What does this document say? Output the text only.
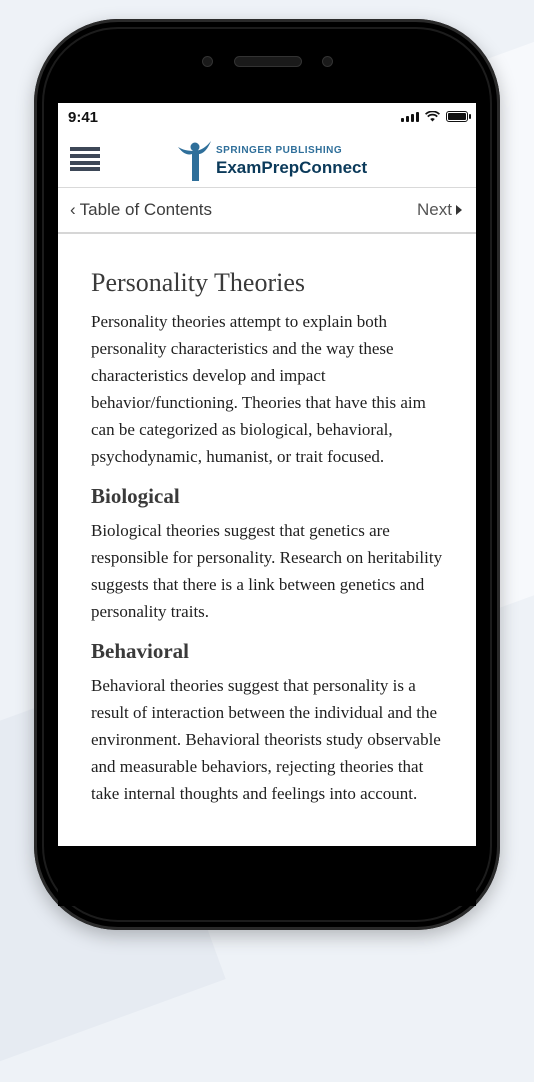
9:41
SPRINGER PUBLISHING
ExamPrepConnect
‹ Table of Contents	Next
Personality Theories

Personality theories attempt to explain both personality characteristics and the way these characteristics develop and impact behavior/functioning. Theories that have this aim can be categorized as biological, behavioral, psychodynamic, humanist, or trait focused.

Biological

Biological theories suggest that genetics are responsible for personality. Research on heritability suggests that there is a link between genetics and personality traits.

Behavioral

Behavioral theories suggest that personality is a result of interaction between the individual and the environment. Behavioral theorists study observable and measurable behaviors, rejecting theories that take internal thoughts and feelings into account.
